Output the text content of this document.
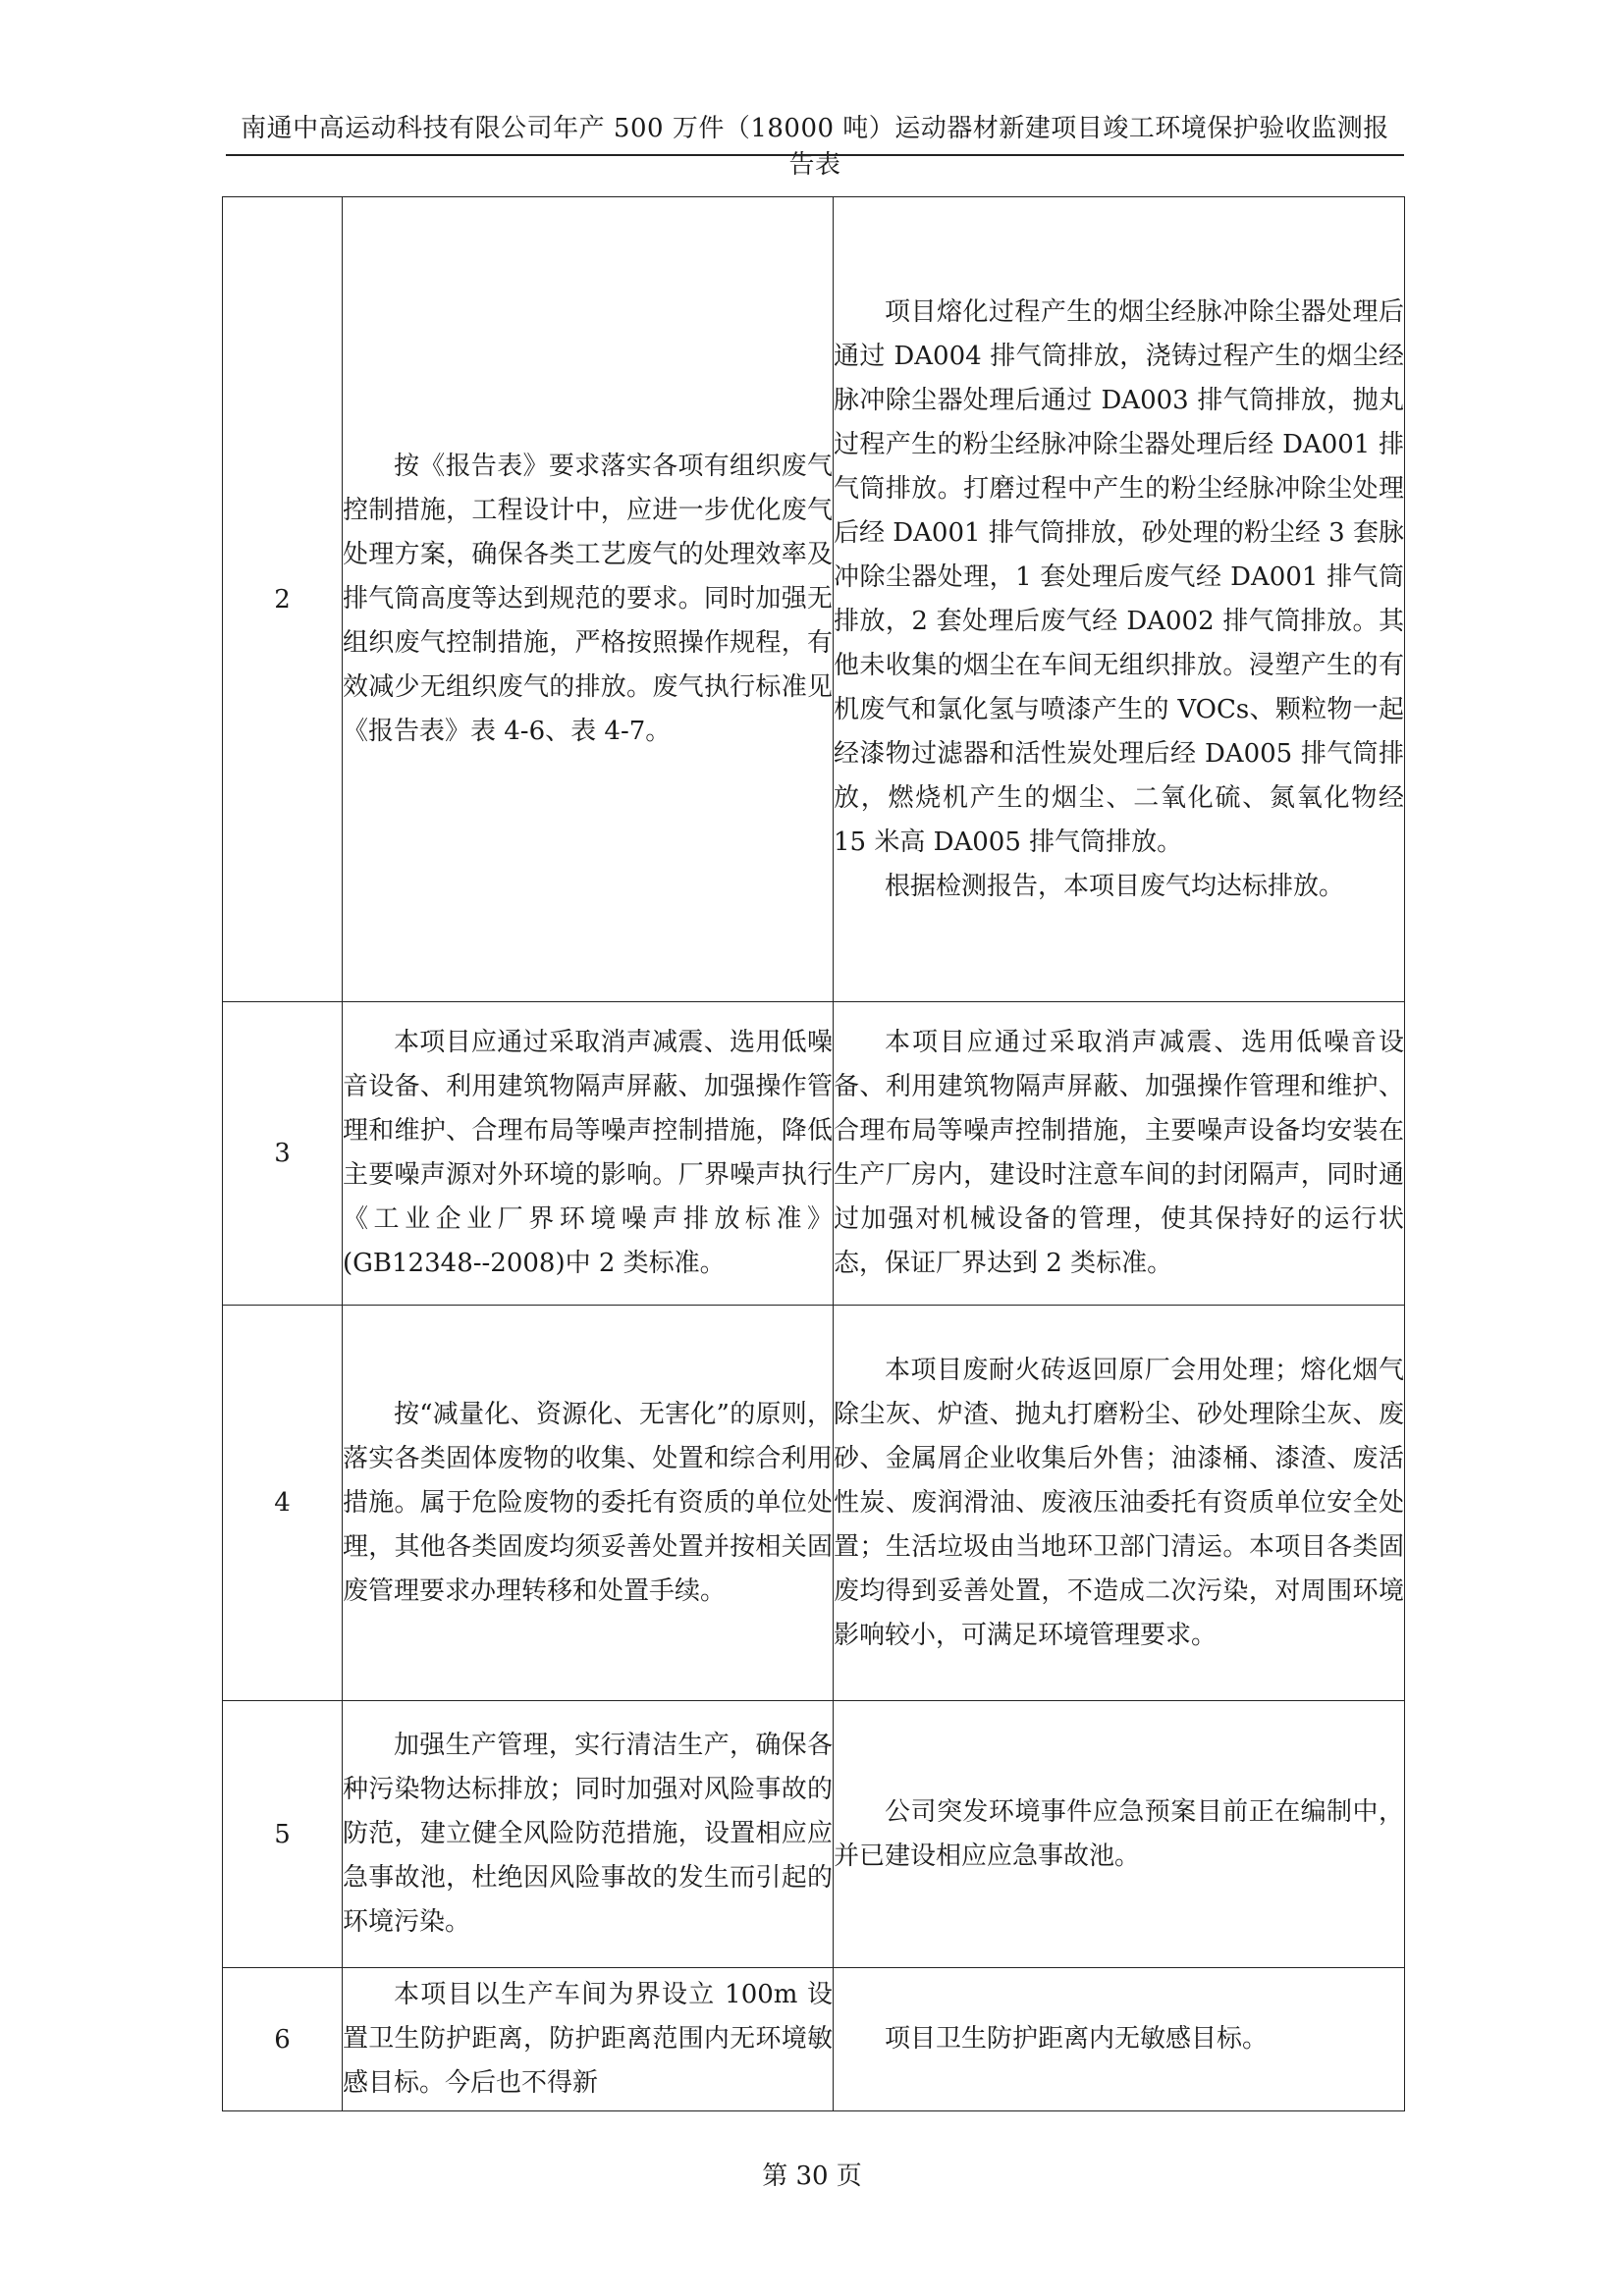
南通中高运动科技有限公司年产 500 万件（18000 吨）运动器材新建项目竣工环境保护验收监测报告表
2	按《报告表》要求落实各项有组织废气控制措施，工程设计中，应进一步优化废气处理方案，确保各类工艺废气的处理效率及排气筒高度等达到规范的要求。同时加强无组织废气控制措施，严格按照操作规程，有效减少无组织废气的排放。废气执行标准见《报告表》表 4-6、表 4-7。	项目熔化过程产生的烟尘经脉冲除尘器处理后通过 DA004 排气筒排放，浇铸过程产生的烟尘经脉冲除尘器处理后通过 DA003 排气筒排放，抛丸过程产生的粉尘经脉冲除尘器处理后经 DA001 排气筒排放。打磨过程中产生的粉尘经脉冲除尘处理后经 DA001 排气筒排放，砂处理的粉尘经 3 套脉冲除尘器处理，1 套处理后废气经 DA001 排气筒排放，2 套处理后废气经 DA002 排气筒排放。其他未收集的烟尘在车间无组织排放。浸塑产生的有机废气和氯化氢与喷漆产生的 VOCs、颗粒物一起经漆物过滤器和活性炭处理后经 DA005 排气筒排放，燃烧机产生的烟尘、二氧化硫、氮氧化物经 15 米高 DA005 排气筒排放。

根据检测报告，本项目废气均达标排放。

3	本项目应通过采取消声减震、选用低噪音设备、利用建筑物隔声屏蔽、加强操作管理和维护、合理布局等噪声控制措施，降低主要噪声源对外环境的影响。厂界噪声执行《工业企业厂界环境噪声排放标准》(GB12348--2008)中 2 类标准。	本项目应通过采取消声减震、选用低噪音设备、利用建筑物隔声屏蔽、加强操作管理和维护、合理布局等噪声控制措施，主要噪声设备均安装在生产厂房内，建设时注意车间的封闭隔声，同时通过加强对机械设备的管理，使其保持好的运行状态，保证厂界达到 2 类标准。

4	按“减量化、资源化、无害化”的原则，落实各类固体废物的收集、处置和综合利用措施。属于危险废物的委托有资质的单位处理，其他各类固废均须妥善处置并按相关固废管理要求办理转移和处置手续。	本项目废耐火砖返回原厂会用处理；熔化烟气除尘灰、炉渣、抛丸打磨粉尘、砂处理除尘灰、废砂、金属屑企业收集后外售；油漆桶、漆渣、废活性炭、废润滑油、废液压油委托有资质单位安全处置；生活垃圾由当地环卫部门清运。本项目各类固废均得到妥善处置，不造成二次污染，对周围环境影响较小，可满足环境管理要求。

5	加强生产管理，实行清洁生产，确保各种污染物达标排放；同时加强对风险事故的防范，建立健全风险防范措施，设置相应应急事故池，杜绝因风险事故的发生而引起的环境污染。	公司突发环境事件应急预案目前正在编制中，并已建设相应应急事故池。

6	本项目以生产车间为界设立 100m 设置卫生防护距离，防护距离范围内无环境敏感目标。今后也不得新	项目卫生防护距离内无敏感目标。

第 30 页
